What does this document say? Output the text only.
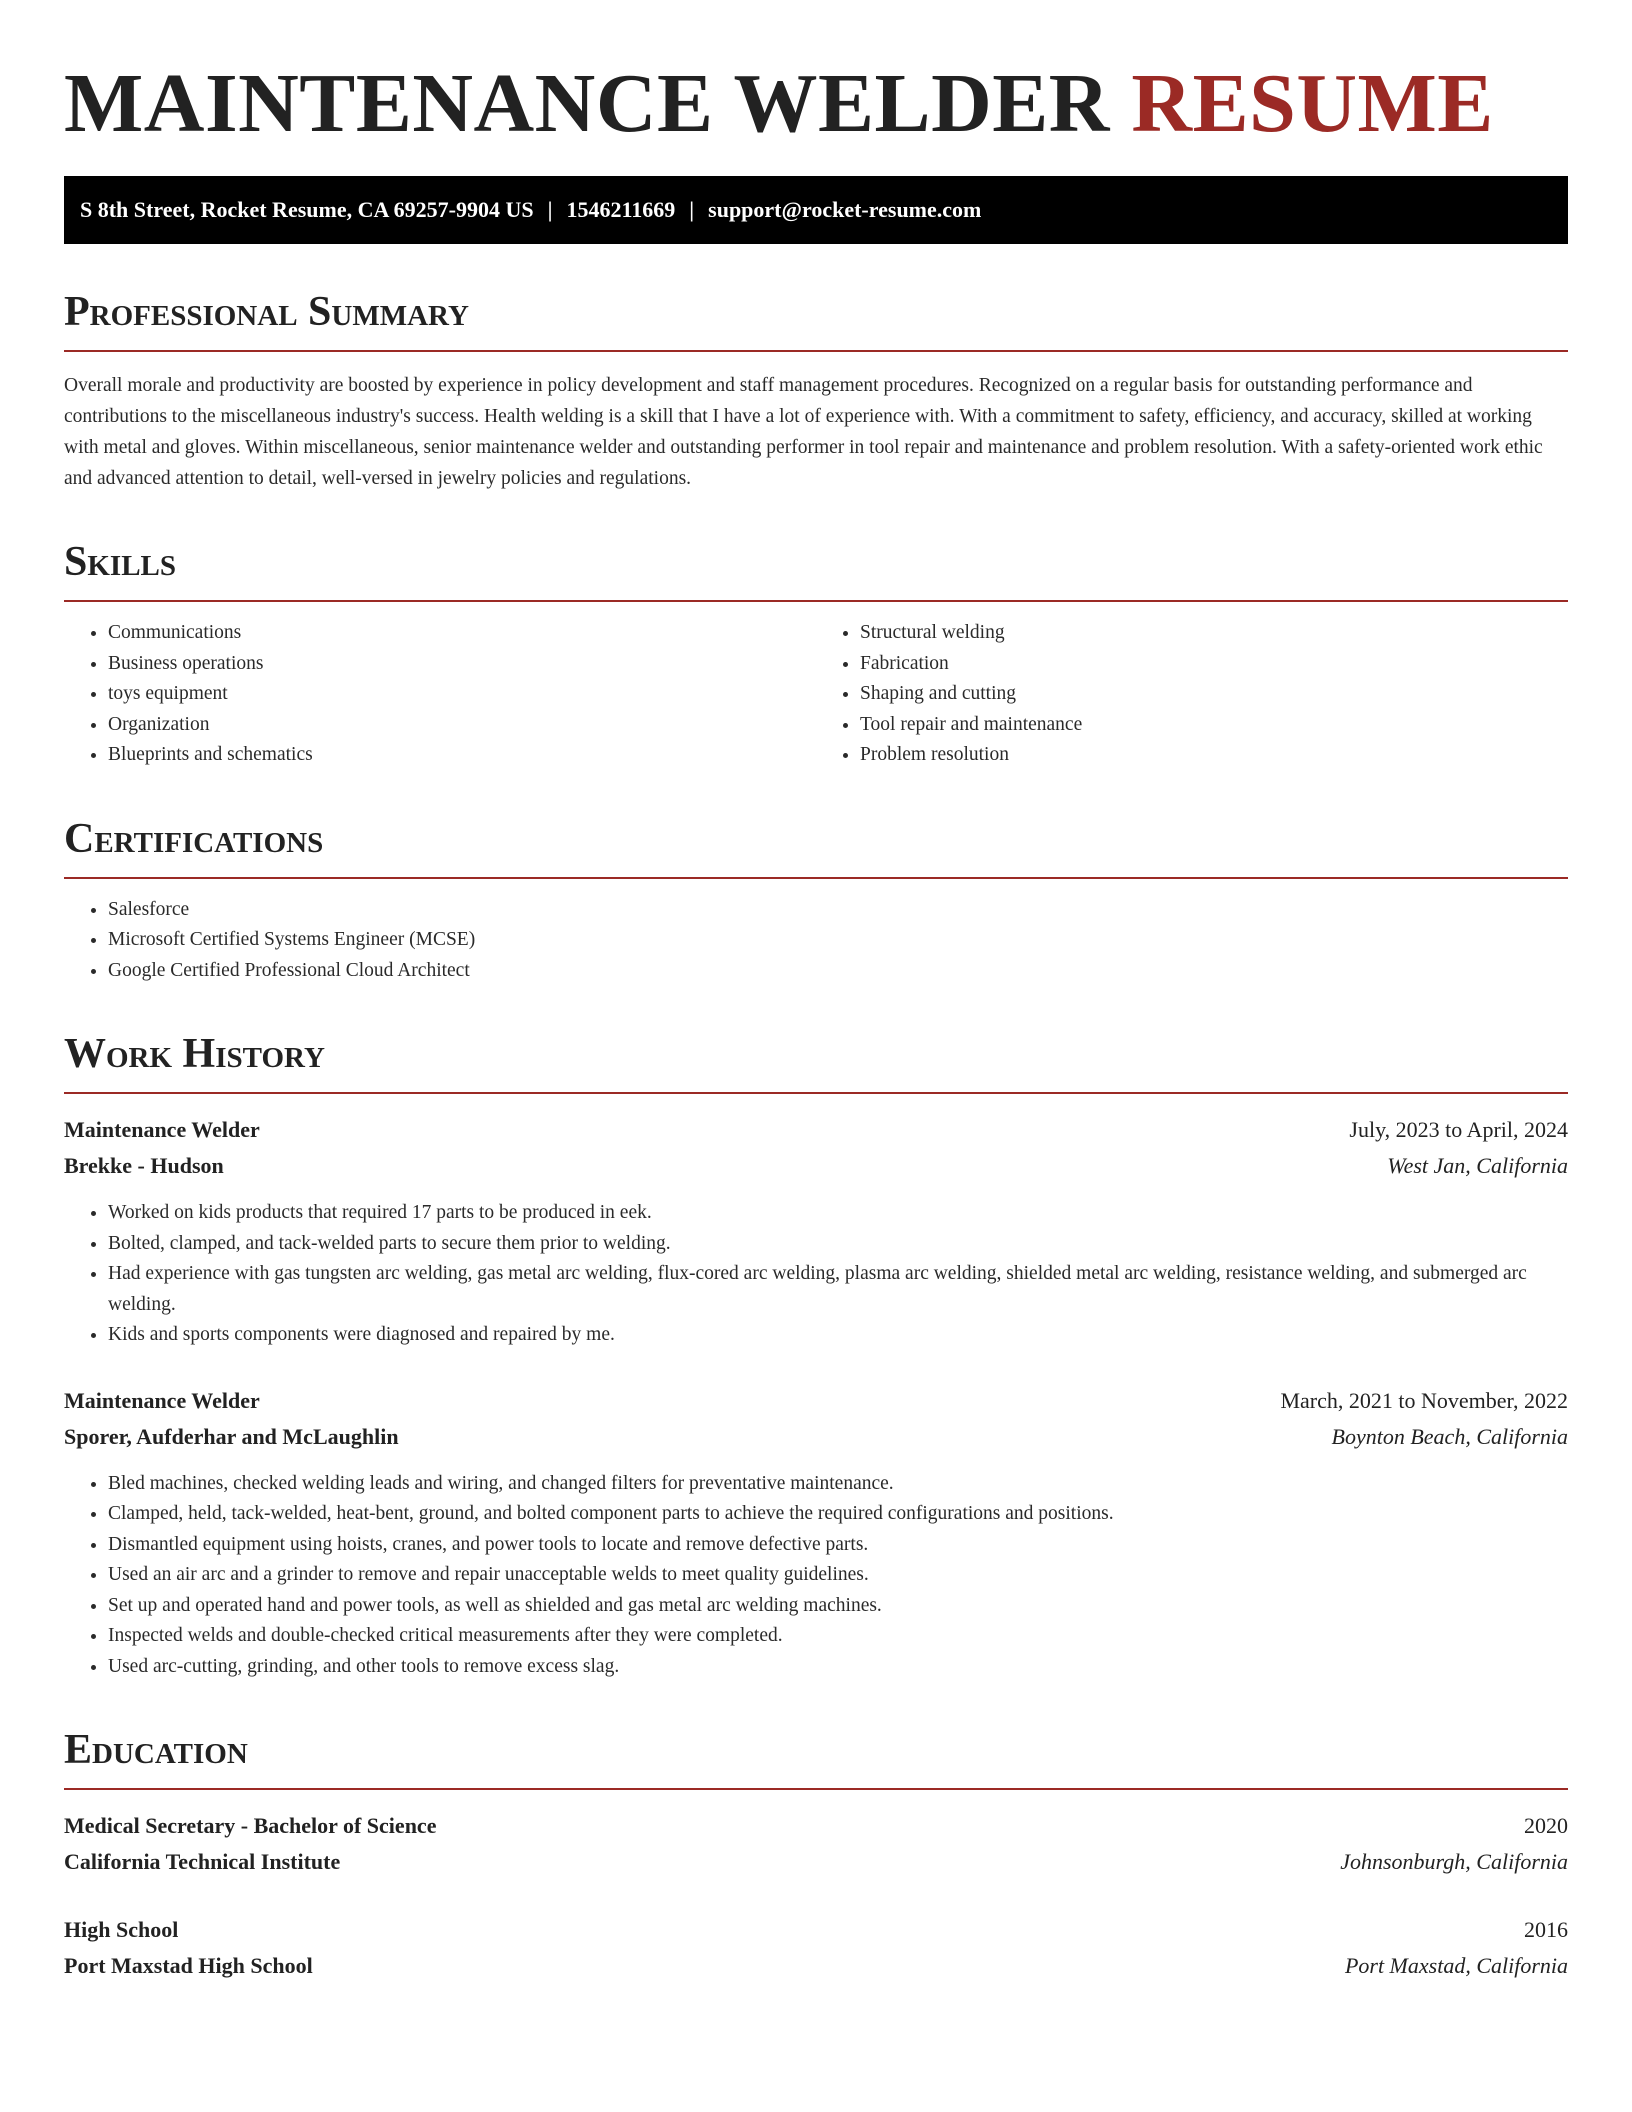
MAINTENANCE WELDER RESUME
S 8th Street, Rocket Resume, CA 69257-9904 US | 1546211669 | support@rocket-resume.com
Professional Summary

Overall morale and productivity are boosted by experience in policy development and staff management procedures. Recognized on a regular basis for outstanding performance and contributions to the miscellaneous industry's success. Health welding is a skill that I have a lot of experience with. With a commitment to safety, efficiency, and accuracy, skilled at working with metal and gloves. Within miscellaneous, senior maintenance welder and outstanding performer in tool repair and maintenance and problem resolution. With a safety-oriented work ethic and advanced attention to detail, well-versed in jewelry policies and regulations.

Skills
• Communications
• Business operations
• toys equipment
• Organization
• Blueprints and schematics
• Structural welding
• Fabrication
• Shaping and cutting
• Tool repair and maintenance
• Problem resolution
Certifications
• Salesforce
• Microsoft Certified Systems Engineer (MCSE)
• Google Certified Professional Cloud Architect
Work History
Maintenance Welder	July, 2023 to April, 2024
Brekke - Hudson	West Jan, California
• Worked on kids products that required 17 parts to be produced in eek.
• Bolted, clamped, and tack-welded parts to secure them prior to welding.
• Had experience with gas tungsten arc welding, gas metal arc welding, flux-cored arc welding, plasma arc welding, shielded metal arc welding, resistance welding, and submerged arc welding.
• Kids and sports components were diagnosed and repaired by me.
Maintenance Welder	March, 2021 to November, 2022
Sporer, Aufderhar and McLaughlin	Boynton Beach, California
• Bled machines, checked welding leads and wiring, and changed filters for preventative maintenance.
• Clamped, held, tack-welded, heat-bent, ground, and bolted component parts to achieve the required configurations and positions.
• Dismantled equipment using hoists, cranes, and power tools to locate and remove defective parts.
• Used an air arc and a grinder to remove and repair unacceptable welds to meet quality guidelines.
• Set up and operated hand and power tools, as well as shielded and gas metal arc welding machines.
• Inspected welds and double-checked critical measurements after they were completed.
• Used arc-cutting, grinding, and other tools to remove excess slag.
Education
Medical Secretary - Bachelor of Science	2020
California Technical Institute	Johnsonburgh, California
High School	2016
Port Maxstad High School	Port Maxstad, California
